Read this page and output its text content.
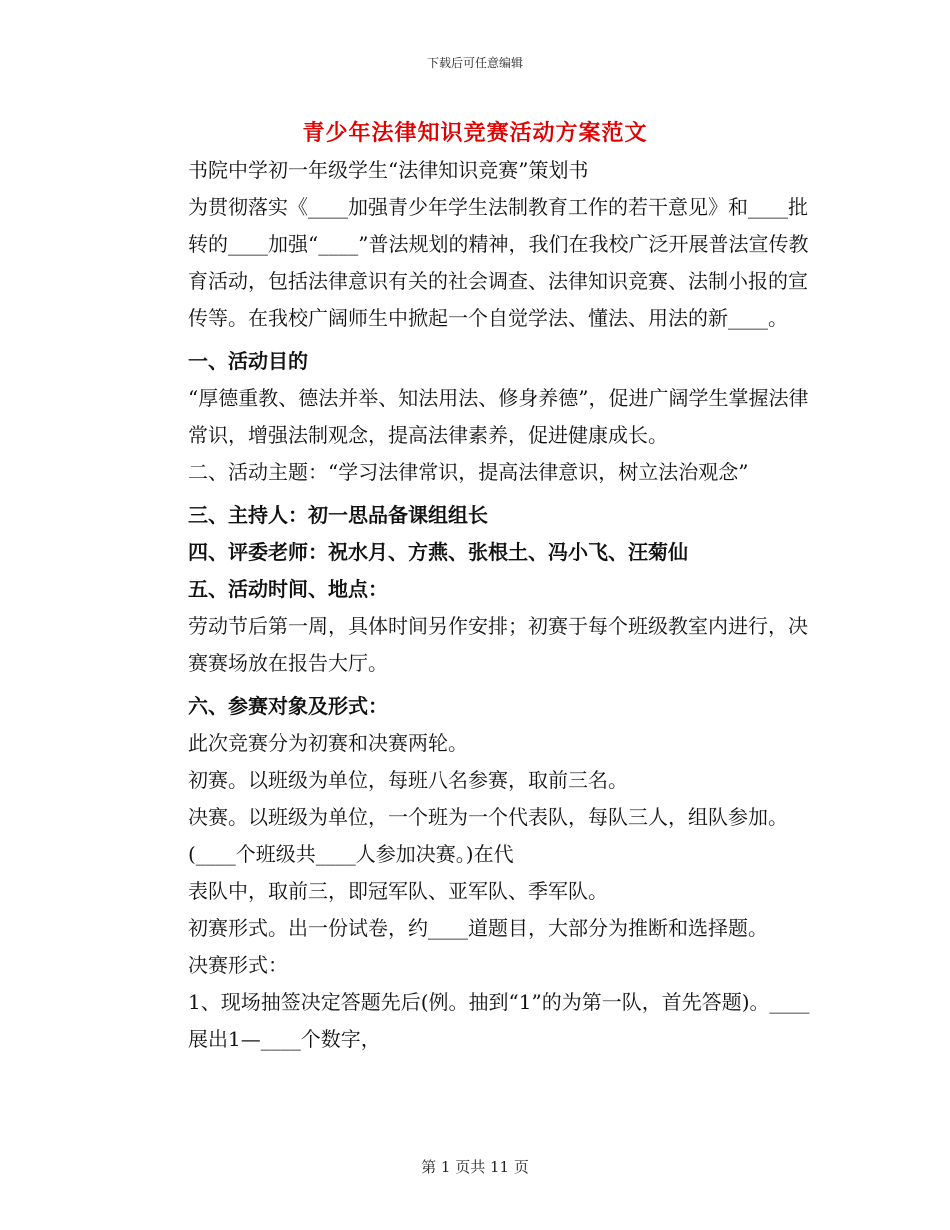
下载后可任意编辑
青少年法律知识竞赛活动方案范文

书院中学初一年级学生“法律知识竞赛”策划书

为贯彻落实《____加强青少年学生法制教育工作的若干意见》和____批转的____加强“____”普法规划的精神，我们在我校广泛开展普法宣传教育活动，包括法律意识有关的社会调查、法律知识竞赛、法制小报的宣传等。在我校广阔师生中掀起一个自觉学法、懂法、用法的新____。

一、活动目的

“厚德重教、德法并举、知法用法、修身养德”，促进广阔学生掌握法律常识，增强法制观念，提高法律素养，促进健康成长。

二、活动主题：“学习法律常识，提高法律意识，树立法治观念”

三、主持人：初一思品备课组组长

四、评委老师：祝水月、方燕、张根土、冯小飞、汪菊仙

五、活动时间、地点：

劳动节后第一周，具体时间另作安排；初赛于每个班级教室内进行，决赛赛场放在报告大厅。

六、参赛对象及形式：

此次竞赛分为初赛和决赛两轮。

初赛。以班级为单位，每班八名参赛，取前三名。

决赛。以班级为单位，一个班为一个代表队，每队三人，组队参加。(____个班级共____人参加决赛。)在代

表队中，取前三，即冠军队、亚军队、季军队。

初赛形式。出一份试卷，约____道题目，大部分为推断和选择题。

决赛形式：

1、现场抽签决定答题先后(例。抽到“1”的为第一队，首先答题)。____展出1—____个数字，

第 1 页共 11 页
